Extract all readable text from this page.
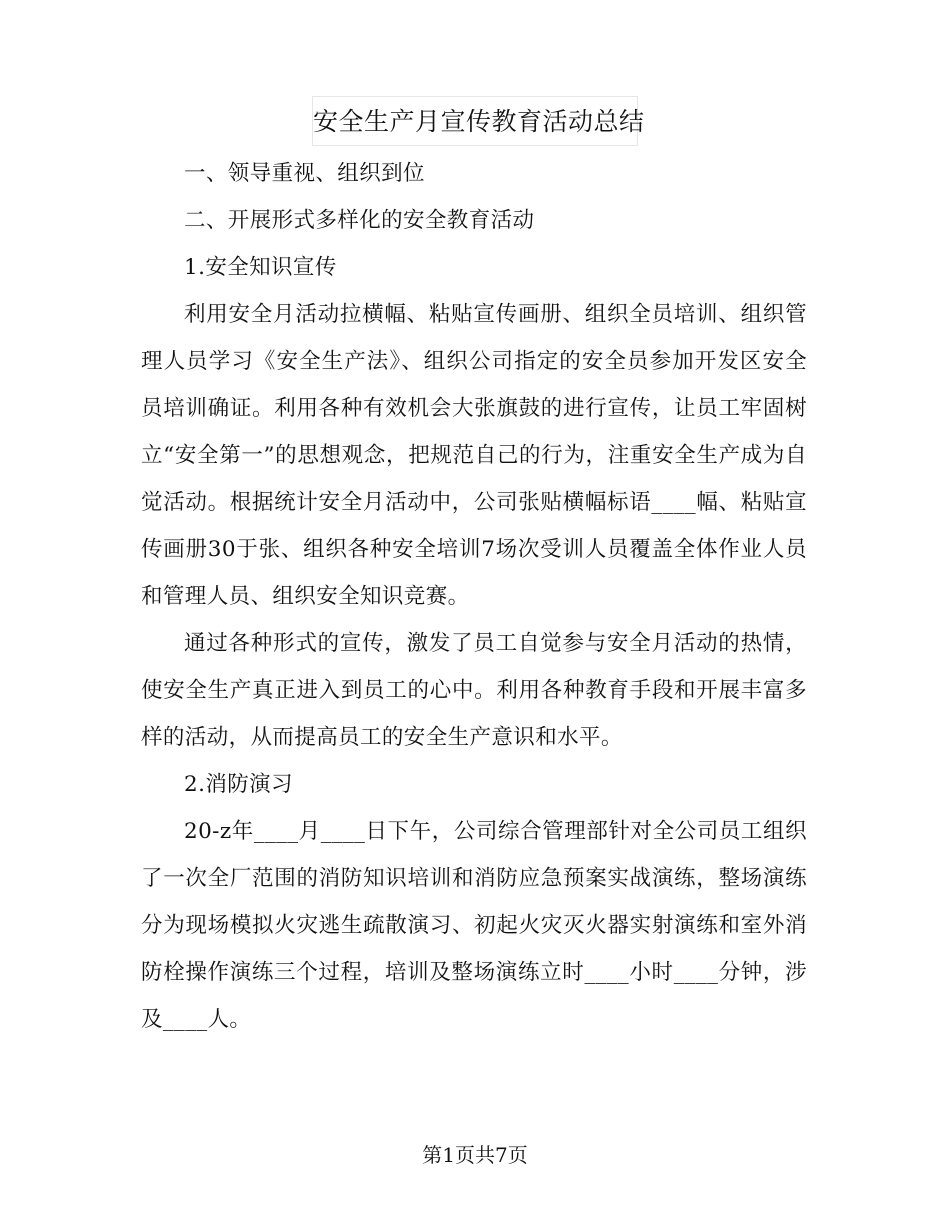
安全生产月宣传教育活动总结

一、领导重视、组织到位

二、开展形式多样化的安全教育活动

1.安全知识宣传

利用安全月活动拉横幅、粘贴宣传画册、组织全员培训、组织管理人员学习《安全生产法》、组织公司指定的安全员参加开发区安全员培训确证。利用各种有效机会大张旗鼓的进行宣传，让员工牢固树立“安全第一”的思想观念，把规范自己的行为，注重安全生产成为自觉活动。根据统计安全月活动中，公司张贴横幅标语____幅、粘贴宣传画册30于张、组织各种安全培训7场次受训人员覆盖全体作业人员和管理人员、组织安全知识竞赛。

通过各种形式的宣传，激发了员工自觉参与安全月活动的热情，使安全生产真正进入到员工的心中。利用各种教育手段和开展丰富多样的活动，从而提高员工的安全生产意识和水平。

2.消防演习

20-z年____月____日下午，公司综合管理部针对全公司员工组织了一次全厂范围的消防知识培训和消防应急预案实战演练，整场演练分为现场模拟火灾逃生疏散演习、初起火灾灭火器实射演练和室外消防栓操作演练三个过程，培训及整场演练立时____小时____分钟，涉及____人。

第1页共7页
